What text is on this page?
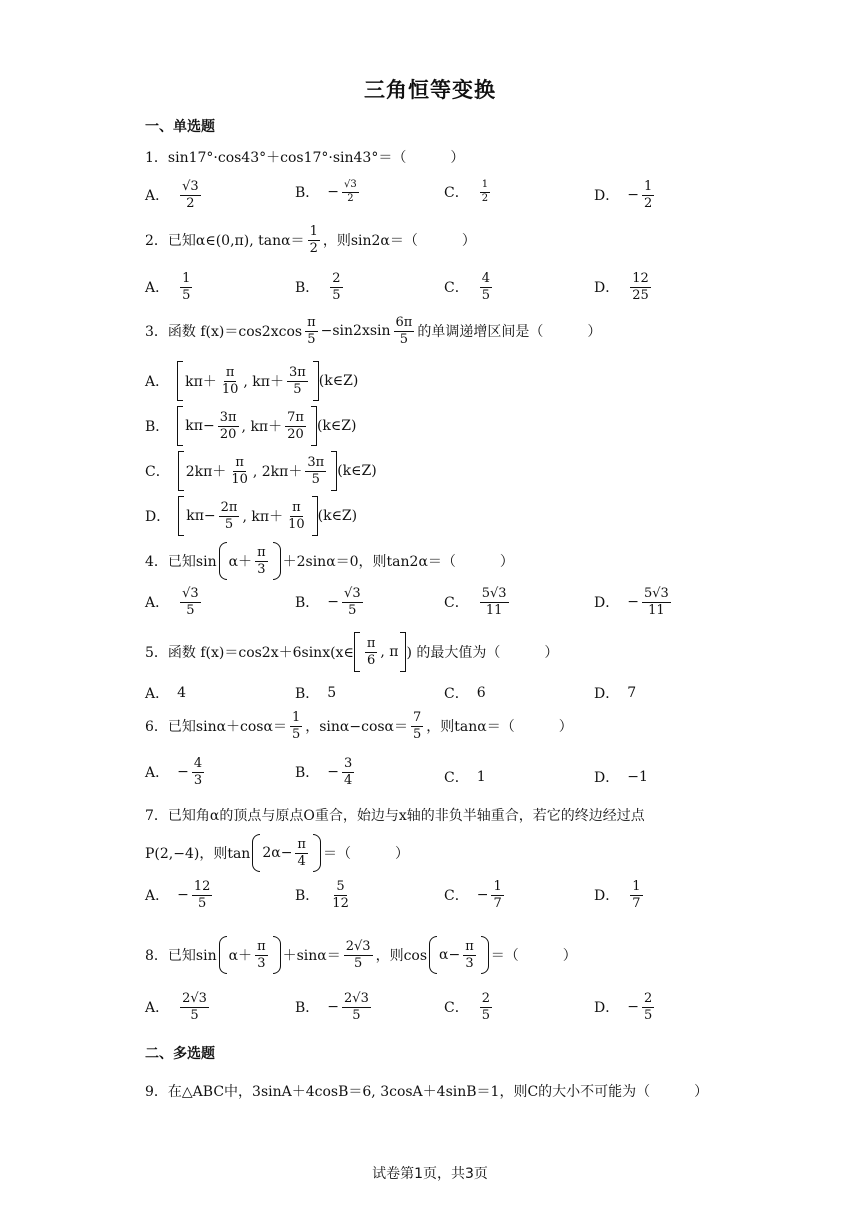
三角恒等变换
一、单选题
1．sin17°·cos43°＋cos17°·sin43°＝（	）
A． $\frac{√3}{2}$	B． − $\frac{√3}{2}$	C． $\frac{1}{2}$	D． − $\frac{1}{2}$
2．已知α∈(0,π), $\tan\alpha= \frac{1}{2}$ ，则sin2α＝（	）
A． $\frac{1}{5}$	B． $\frac{2}{5}$	C． $\frac{4}{5}$	D． $\frac{12}{25}$
3．函数 $f(x)=\cos 2xcos \frac{\pi}{5} -\sin 2xsin \frac{6\pi}{5}$ 的单调递增区间是（	）
A． $k\pi+ \frac{\pi}{10}$ , $k\pi+ \frac{3\pi}{5}$ (k∈Z)
B． $k\pi- \frac{3\pi}{20}$ , $k\pi+ \frac{7\pi}{20}$ (k∈Z)
C． $2k\pi+ \frac{\pi}{10}$ , $2k\pi+ \frac{3\pi}{5}$ (k∈Z)
D． $k\pi- \frac{2\pi}{5}$ , $k\pi+ \frac{\pi}{10}$ (k∈Z)
4．已知$\sin \alpha+ \frac{\pi}{3} +2\sin\alpha=0$，则tan2α＝（	）
A． $\frac{√3}{5}$	B． − $\frac{√3}{5}$	C． $\frac{5√3}{11}$	D． − $\frac{5√3}{11}$
5．函数 f(x)＝cos2x＋6sinx(x∈ $\frac{\pi}{6}$ , π ) 的最大值为（	）
A． 4	B． 5	C． 6	D． 7
6．已知$\sin\alpha+\cos\alpha= \frac{1}{5}$ ，$\sin\alpha-\cos\alpha= \frac{7}{5}$ ，则tanα＝（	）
A． − $\frac{4}{3}$	B． − $\frac{3}{4}$	C． 1	D． −1
7．已知角α的顶点与原点O重合，始边与x轴的非负半轴重合，若它的终边经过点
P(2,−4)，则$\tan 2\alpha- \frac{\pi}{4}$ ＝（	）
A． − $\frac{12}{5}$	B． $\frac{5}{12}$	C． − $\frac{1}{7}$	D． $\frac{1}{7}$
8．已知$\sin \alpha+ \frac{\pi}{3} +\sin\alpha= \frac{2√3}{5}$ ，则$\cos \alpha- \frac{\pi}{3}$ ＝（	）
A． $\frac{2√3}{5}$	B． − $\frac{2√3}{5}$	C． $\frac{2}{5}$	D． − $\frac{2}{5}$
二、多选题
9．在△ABC中，3sinA＋4cosB＝6, 3cosA＋4sinB＝1，则C的大小不可能为（	）
试卷第1页，共3页
